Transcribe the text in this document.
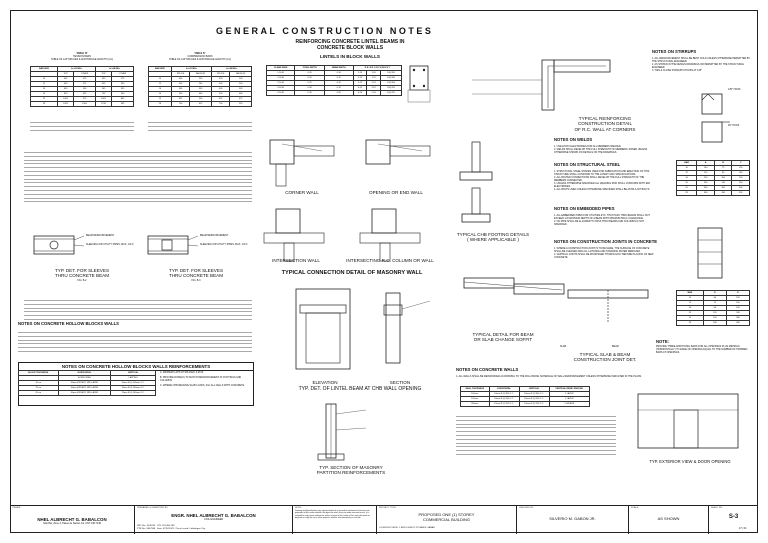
GENERAL CONSTRUCTION NOTES
TABLE 'D'
TENSION BARS
TABLE OF LAP SPLICES & ANCHORAGE LENGTH (mm)
BAR SIZE	fc'=21 MPa		fc'=28 MPa	
	TOP	OTHER	TOP	OTHER
10	405	315	355	275
12	490	375	425	330
16	650	500	565	435
20	810	625	705	540
25	1265	975	1095	845
28	1420	1090	1230	945
TABLE 'E'
COMPRESSION BARS
TABLE OF LAP SPLICES & ANCHORAGE LENGTH (mm)
BAR SIZE	fc'=21 MPa		fc'=28 MPa	
	SPLICE	ANCHOR	SPLICE	ANCHOR
10	300	220	300	200
12	300	265	300	230
16	400	350	400	305
20	500	440	500	380
25	625	550	625	475
28	700	615	700	535
BEAM REINFORCEMENT
SLEEVES FOR UTILITY PIPES, MAX. 1/4 D
TYP. DET. FOR SLEEVES
THRU CONCRETE BEAM
FIG. B-2
BEAM REINFORCEMENT
SLEEVES FOR UTILITY PIPES, MAX. 1/4 D
TYP. DET. FOR SLEEVES
THRU CONCRETE BEAM
FIG. B-3
NOTES ON CONCRETE HOLLOW BLOCKS WALLS
NOTES ON CONCRETE HOLLOW BLOCKS WALLS REINFORCEMENTS
BLOCK THICKNESS	HORIZONTAL	VERTICAL
	HORIZONTAL	LAPPING
10 cm	10mm Ø EVERY 3RD LAYER	10mm Ø @ 600mm O.C.
15 cm	10mm Ø EVERY 3RD LAYER	10mm Ø @ 600mm O.C.
20 cm	10mm Ø EVERY 3RD LAYER	12mm Ø @ 400mm O.C.
A. MINIMUM LAPS AT SPLICES: 0.25 M
B. PROVIDE DOWELS TO MATCH REINFORCEMENT AT FOOTINGS AND COLUMNS
C. WHERE CHB RECEIVE SLAB LOADS, FILL ALL CELLS WITH CONCRETE
REINFORCING CONCRETE LINTEL BEAMS IN
CONCRETE BLOCK WALLS
LINTELS IN BLOCK WALLS
CLEAR SPAN	TOTAL DEPTH	BEAM WIDTH	R E I N F O R C E M E N T		
1.50 M	0.20	0.10	2-10	1-10	10@150
2.00 M	0.20	0.15	2-12	1-12	10@150
2.50 M	0.25	0.15	2-12	2-12	10@150
3.00 M	0.30	0.15	3-12	2-12	10@125
3.50 M	0.35	0.20	3-16	2-16	10@125
CORNER WALL	OPENING OR END WALL
INTERSECTION WALL	INTERSECTING R.C. COLUMN OR WALL
TYPICAL CONNECTION DETAIL OF MASONRY WALL
TYPICAL CHB FOOTING DETAILS
( WHERE APPLICABLE )
ELEVATION	SECTION
TYP. DET. OF LINTEL BEAM AT CHB WALL OPENING
TYP. SECTION OF MASONRY
PARTITION REINFORCEMENTS
TYPICAL REINFORCING CONSTRUCTION DETAIL
OF R.C. WALL AT CORNERS
NOTES ON WELDS
1. USE E70XX ELECTRODES FOR ALL MEMBERS WELDED.
2. WELDS SHALL DEVELOP THE FULL STRENGTH OF MEMBERS JOINED UNLESS OTHERWISE SHOWN ON DETAILS ON THE DRAWINGS.
NOTES ON STRUCTURAL STEEL
1. STRUCTURAL STEEL SHAPES USED FOR FABRICATION AND ERECTION OF THIS STRUCTURE SHALL CONFORM TO THE LATEST AISC SPECIFICATIONS.
2. ALL BOLTED CONNECTIONS SHALL DEVELOP THE FULL STRENGTH OF THE MEMBERS CONNECTED.
3. UNLESS OTHERWISE SPECIFIED ALL WELDING ROD SHALL CONFORM WITH E60 ELECTRODES.
4. ALL BOLTS USED UNLESS OTHERWISE SPECIFIED SHALL BE ASTM A-307 BOLTS.
NOTES ON EMBEDDED PIPES
1. ALL EMBEDDED PIPES FOR UTILITIES ETC. THAT PASS THRU BEAMS SHALL NOT EXCEED 1/3 MAXIMUM DEPTH OF A BEAM WITH MINIMUM 50mm CLEARANCE.
2. NO PIPE SHALL BE ALLOWED TO PASS THRU BEAMS AND COLUMNS IF NOT SPECIFIED.
NOTES ON CONSTRUCTION JOINTS IN CONCRETE
1. WHERE A CONSTRUCTION JOINT IS TO BE MADE, THE SURFACE OF CONCRETE SHALL BE CLEANED AND ALL LAITANCE AND STANDING WATER REMOVED.
2. VERTICAL JOINTS SHALL BE MOISTENED THOROUGHLY BEFORE PLACING OF NEW CONCRETE.
TYPICAL DETAIL FOR BEAM
OR SLAB CHANGE SOFFIT
SLAB	BEAM
TYPICAL SLAB & BEAM
CONSTRUCTION JOINT DET.
NOTES ON CONCRETE WALLS
1. ALL WALLS SHALL BE REINFORCED ACCORDING TO THE FOLLOWING SCHEDULE OF WALL REINFORCEMENT UNLESS OTHERWISE INDICATED IN THE PLANS.
WALL THICKNESS	HORIZONTAL	VERTICAL	VERTICAL REINF. SPACING
100mm	10mm Ø @ 300 O.C.	10mm Ø @ 300 O.C.	1 LAYER
150mm	10mm Ø @ 250 O.C.	10mm Ø @ 250 O.C.	1 LAYER
200mm	12mm Ø @ 250 O.C.	12mm Ø @ 250 O.C.	2 LAYERS
NOTES ON STIRRUPS
1. ALL REINFORCEMENT SHALL BE BENT COLD UNLESS OTHERWISE PERMITTED BY THE STRUCTURAL ENGINEER.
2. AS SHOWN IN THE DESIGN DRAWINGS OR PERMITTED BY THE STRUCTURAL ENGINEER.
3. TIES & CLOSE STIRRUPS HOOKS AT 135°
135° HOOK
90° HOOK
BAR	A	B	C
10	100	75	150
12	110	85	180
16	150	100	220
20	200	130	250
25	260	160	300
28	300	180	350
BAR	D	E
10	60	120
12	72	150
16	96	190
20	120	240
25	150	300
28	168	340
NOTE:
PROVIDE THREE ADDITIONAL BARS FOR ALL OPENINGS PLUS MIDSPAN (HORIZONTALLY) TO EDGE OF OPENING EQUAL TO THE NUMBER OF TRIMMED BARS AT OPENINGS.
TYP. EXTERIOR VIEW & DOOR OPENING
OWNER:
NHEL ALBRECHT G. BABALCON
Sitio Bar, Zone 3, Paseo de Santos Ca. CNT 138.7148
PREPARED & SUBMITTED BY:
ENGR. NHEL ALBRECHT G. BABALCON
CIVIL ENGINEER
PRC No.: 0198745 TIN: 123-456-789
PTR No.: 8607948 Date: 07/24/2023 Place Issued: Catbalogan City
NOTE:
Drawing and Specification may, representation of so named as instrument of services are properties of the author whether the object for which they are made executed or not. It is unlawful for any person without the written consent of the author of this work document to duplicate or copy for use in other projects, whether executed partly or in whole.
PROJECT TITLE:
PROPOSED ONE (1) STOREY
COMMERCIAL BUILDING
LOCATION: PUROK 1, BRGY. BUNUT, PUTIANUS, SAMAR
CHECKED BY:
SILVERIO M. GABON JR.
SCALE:
AS SHOWN
SHEET NO:
S-3
47 / 64
